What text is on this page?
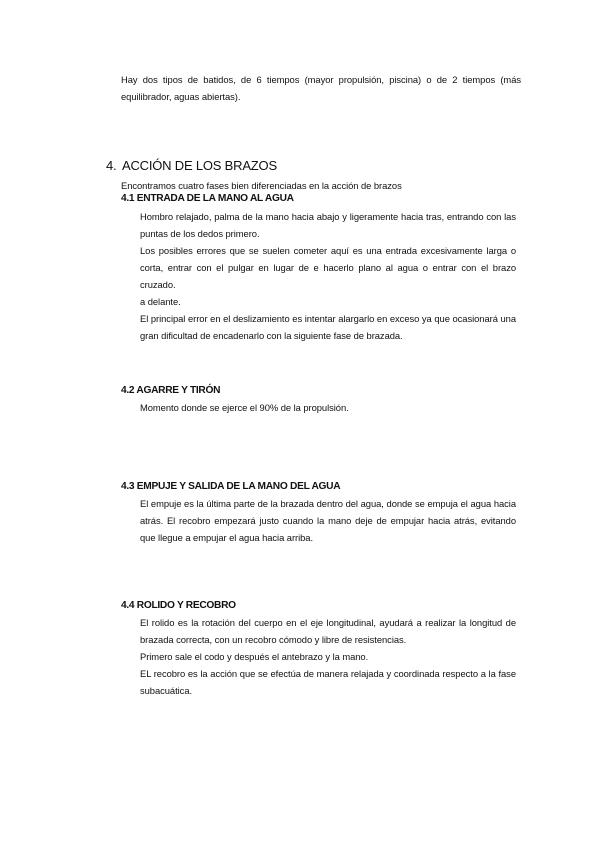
Hay dos tipos de batidos, de 6 tiempos (mayor propulsión, piscina) o de 2 tiempos (más equilibrador, aguas abiertas).

4. ACCIÓN DE LOS BRAZOS

Encontramos cuatro fases bien diferenciadas en la acción de brazos

4.1 ENTRADA DE LA MANO AL AGUA

Hombro relajado, palma de la mano hacia abajo y ligeramente hacia tras, entrando con las puntas de los dedos primero.

Los posibles errores que se suelen cometer aquí es una entrada excesivamente larga o corta, entrar con el pulgar en lugar de e hacerlo plano al agua o entrar con el brazo cruzado.

a delante.

El principal error en el deslizamiento es intentar alargarlo en exceso ya que ocasionará una gran dificultad de encadenarlo con la siguiente fase de brazada.

4.2 AGARRE Y TIRÓN

Momento donde se ejerce el 90% de la propulsión.

4.3 EMPUJE Y SALIDA DE LA MANO DEL AGUA

El empuje es la última parte de la brazada dentro del agua, donde se empuja el agua hacia atrás. El recobro empezará justo cuando la mano deje de empujar hacia atrás, evitando que llegue a empujar el agua hacia arriba.

4.4 ROLIDO Y RECOBRO

El rolido es la rotación del cuerpo en el eje longitudinal, ayudará a realizar la longitud de brazada correcta, con un recobro cómodo y libre de resistencias.

Primero sale el codo y después el antebrazo y la mano.

EL recobro es la acción que se efectúa de manera relajada y coordinada respecto a la fase subacuática.
